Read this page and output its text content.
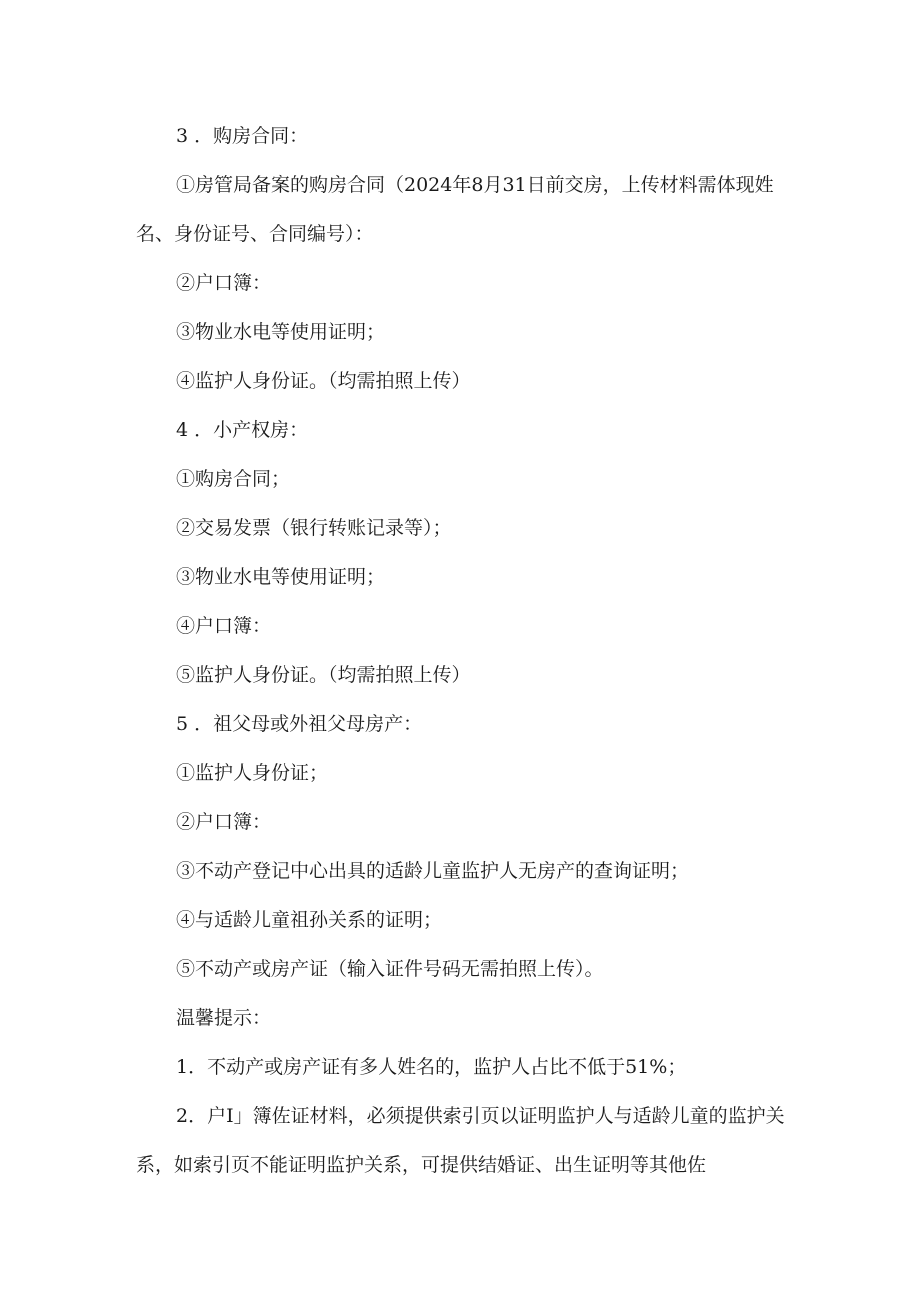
3 ．购房合同：

①房管局备案的购房合同（2024年8月31日前交房，上传材料需体现姓名、身份证号、合同编号）：

②户口簿：

③物业水电等使用证明；

④监护人身份证。（均需拍照上传）

4 ．小产权房：

①购房合同；

②交易发票（银行转账记录等）；

③物业水电等使用证明；

④户口簿：

⑤监护人身份证。（均需拍照上传）

5 ．祖父母或外祖父母房产：

①监护人身份证；

②户口簿：

③不动产登记中心出具的适龄儿童监护人无房产的查询证明；

④与适龄儿童祖孙关系的证明；

⑤不动产或房产证（输入证件号码无需拍照上传）。

温馨提示：

1．不动产或房产证有多人姓名的，监护人占比不低于51%；

2．户I」簿佐证材料，必须提供索引页以证明监护人与适龄儿童的监护关系，如索引页不能证明监护关系，可提供结婚证、出生证明等其他佐
